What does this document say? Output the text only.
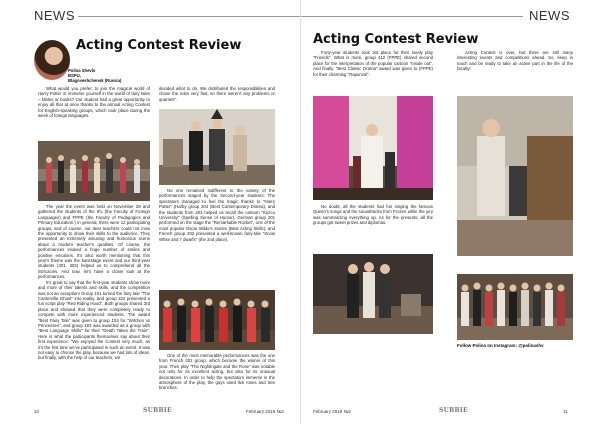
NEWS
Acting Contest Review
Polina Shevlo
BSPU,
Blagoveshchensk (Russia)
What would you prefer: to join the magical world of Harry Potter or immerse yourself in the world of fairy tales – fables or books? Our student had a great opportunity to enjoy all that at once thanks to the annual Acting Contest for English-speaking groups, which took place during the week of foreign languages.
The year the event was held on November 29 and gathered the students of the IFL (the Faculty of Foreign Languages) and FPPE (the Faculty of Pedagogics and Primary Education.) In general, there were 12 participating groups, and of course, our dear teachers could not miss the opportunity to show their skills to the audience. They presented an extremely amusing and humorous scene about a modern teacher's qualities. Of course, the performances evoked a huge number of smiles and positive emotions. It's also worth mentioning that this year's theme was the backstage event and our third-year students (301, 302) helped us to comprehend all the intricacies. And now, let's have a closer look at the performances.
It's great to say that the first-year students show more and more of their talents and skills, and the competition was not an exception! Group 101 turned the fairy tale "The Canterville Ghost" into reality, and group 102 presented a fun script play "Red Riding Hood". Both groups shared 3rd place and showed that they were completely ready to compete with more experienced students. The award "Best Fairy Tale" was given to group 104 for "Witches vs Princesses", and group 103 was awarded as a group with "Best Language Skills" for their "Death Takes the Train". Here is what the participants themselves say about their first experience: "We enjoyed the Contest very much, as it's the first time we've participated in such an event. It was not easy to choose the play, because we had lots of ideas, but finally, with the help of our teachers, we
decided what to do. We distributed the responsibilities and chose the roles very fast, so there weren't any problems or quarrels".
No one remained indifferent to the variety of the performances staged by the Second-year students. The spectators managed to feel the magic thanks to "Harry Potter" (Harby group 204 (Best Contemporary Drama), and the students from 203 helped us recall the cartoon "Kuzco University" (Spelling Sense of Humor). German group 201 performed on the stage the "Remarkable Rocket", one of the most popular Oscar Wilde's stories (Best Acting Skills), and French group 202 presented a well-known fairy-tale "Snow White and 7 dwarfs" (the 2nd place).
One of the most memorable performances was the one from French 302 group, which became the winner of this year. Their play "The Nightingale and the Rose" was notable not only for its excellent acting, but also for its unusual decorations. In order to help the spectators immerse in the atmosphere of the play, the guys used live roses and tree branches.
10	SUBBIE	February 2019 №2
NEWS
Acting Contest Review
Forty-year students took 3rd place for their lovely play "Friends". What is more, group 412 (FPPE) shared second place for the interpretation of the popular cartoon "Inside out". And finally, "Best Classic Drama" award was given to (FPPE) for their charming "Rapunzel".
No doubt, all the students had fun singing the famous Queen's songs and the soundtracks from Frozen while the jury was summarizing everything up. As for the presents, all the groups got sweet prizes and diplomas.
Acting Contest is over, but there are still many interesting events and competitions ahead. So, keep in touch and be ready to take an active part in the life of the faculty!
Follow Polina on Instagram: @polinashv
February 2019 №2	SUBBIE	11
